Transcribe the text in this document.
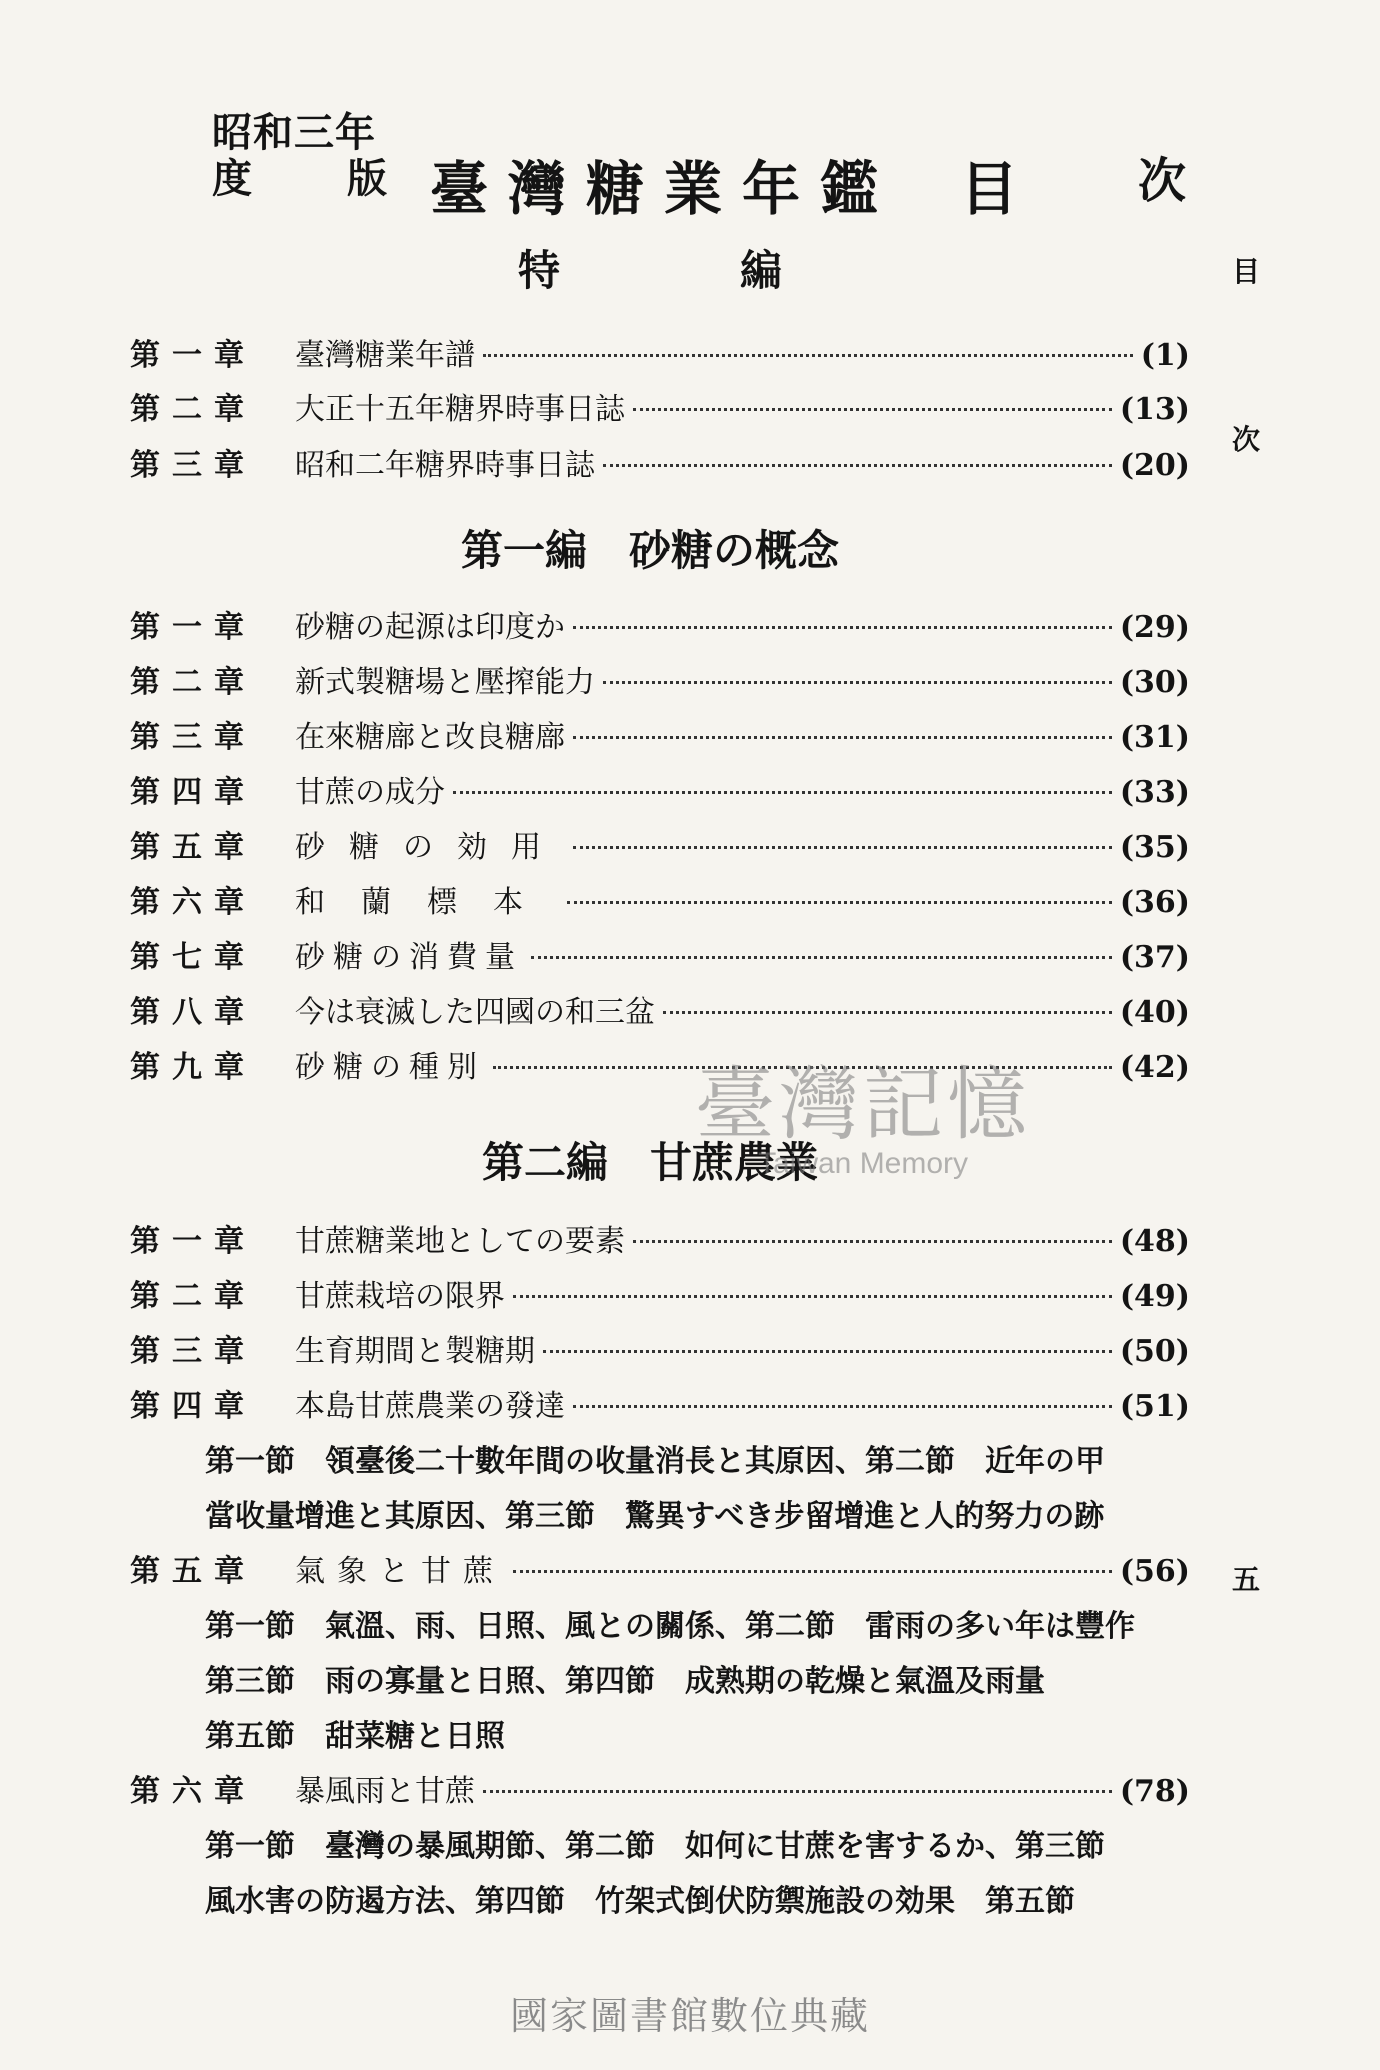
昭和三年
度 版 臺灣糖業年鑑 目 次
目
次
五
特編
第一章	臺灣糖業年譜	(1)
第二章	大正十五年糖界時事日誌	(13)
第三章	昭和二年糖界時事日誌	(20)
第一編　砂糖の概念
第一章	砂糖の起源は印度か	(29)
第二章	新式製糖場と壓搾能力	(30)
第三章	在來糖廍と改良糖廍	(31)
第四章	甘蔗の成分	(33)
第五章	砂糖の効用	(35)
第六章	和蘭標本	(36)
第七章	砂糖の消費量	(37)
第八章	今は衰滅した四國の和三盆	(40)
第九章	砂糖の種別	(42)
第二編　甘蔗農業
第一章	甘蔗糖業地としての要素	(48)
第二章	甘蔗栽培の限界	(49)
第三章	生育期間と製糖期	(50)
第四章	本島甘蔗農業の發達	(51)
第一節　領臺後二十數年間の收量消長と其原因、第二節　近年の甲
當收量增進と其原因、第三節　驚異すべき步留增進と人的努力の跡
第五章	氣象と甘蔗	(56)
第一節　氣溫、雨、日照、風との關係、第二節　雷雨の多い年は豐作
第三節　雨の寡量と日照、第四節　成熟期の乾燥と氣溫及雨量
第五節　甜菜糖と日照
第六章	暴風雨と甘蔗	(78)
第一節　臺灣の暴風期節、第二節　如何に甘蔗を害するか、第三節
風水害の防遏方法、第四節　竹架式倒伏防禦施設の効果　第五節
臺灣記憶
Taiwan Memory
國家圖書館數位典藏
